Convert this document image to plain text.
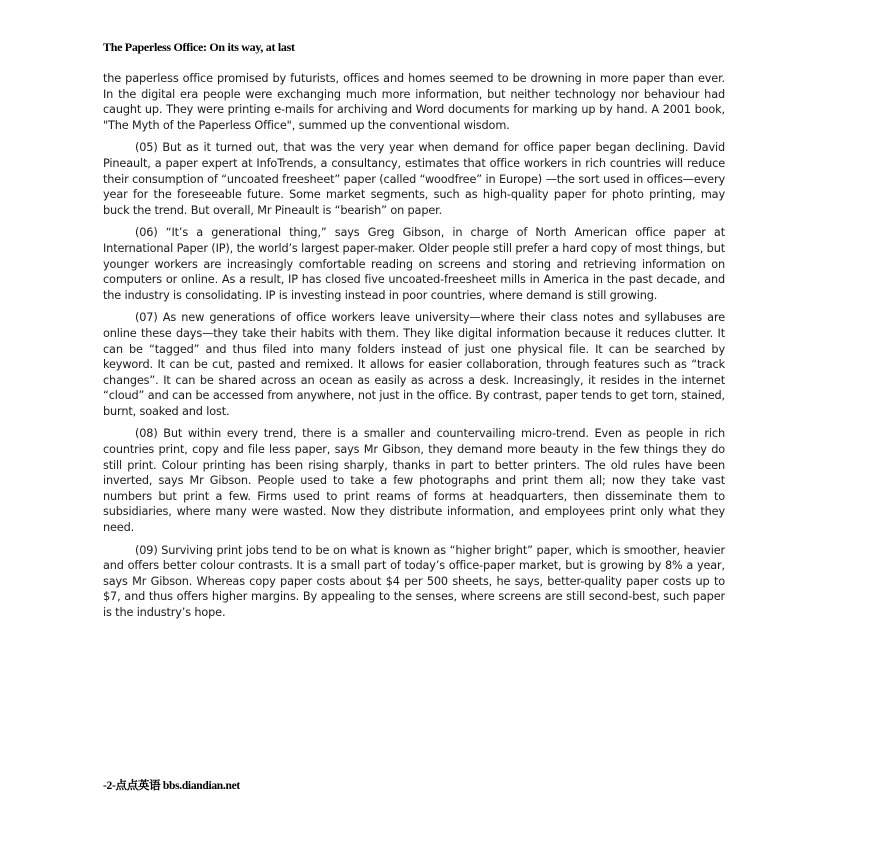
The Paperless Office: On its way, at last

the paperless office promised by futurists, offices and homes seemed to be drowning in more paper than ever. In the digital era people were exchanging much more information, but neither technology nor behaviour had caught up. They were printing e-mails for archiving and Word documents for marking up by hand. A 2001 book, "The Myth of the Paperless Office", summed up the conventional wisdom.

(05) But as it turned out, that was the very year when demand for office paper began declining. David Pineault, a paper expert at InfoTrends, a consultancy, estimates that office workers in rich countries will reduce their consumption of “uncoated freesheet” paper (called “woodfree” in Europe) —the sort used in offices—every year for the foreseeable future. Some market segments, such as high-quality paper for photo printing, may buck the trend. But overall, Mr Pineault is “bearish” on paper.

(06) “It’s a generational thing,” says Greg Gibson, in charge of North American office paper at International Paper (IP), the world’s largest paper-maker. Older people still prefer a hard copy of most things, but younger workers are increasingly comfortable reading on screens and storing and retrieving information on computers or online. As a result, IP has closed five uncoated-freesheet mills in America in the past decade, and the industry is consolidating. IP is investing instead in poor countries, where demand is still growing.

(07) As new generations of office workers leave university—where their class notes and syllabuses are online these days—they take their habits with them. They like digital information because it reduces clutter. It can be “tagged” and thus filed into many folders instead of just one physical file. It can be searched by keyword. It can be cut, pasted and remixed. It allows for easier collaboration, through features such as “track changes”. It can be shared across an ocean as easily as across a desk. Increasingly, it resides in the internet “cloud” and can be accessed from anywhere, not just in the office. By contrast, paper tends to get torn, stained, burnt, soaked and lost.

(08) But within every trend, there is a smaller and countervailing micro-trend. Even as people in rich countries print, copy and file less paper, says Mr Gibson, they demand more beauty in the few things they do still print. Colour printing has been rising sharply, thanks in part to better printers. The old rules have been inverted, says Mr Gibson. People used to take a few photographs and print them all; now they take vast numbers but print a few. Firms used to print reams of forms at headquarters, then disseminate them to subsidiaries, where many were wasted. Now they distribute information, and employees print only what they need.

(09) Surviving print jobs tend to be on what is known as “higher bright” paper, which is smoother, heavier and offers better colour contrasts. It is a small part of today’s office-paper market, but is growing by 8% a year, says Mr Gibson. Whereas copy paper costs about $4 per 500 sheets, he says, better-quality paper costs up to $7, and thus offers higher margins. By appealing to the senses, where screens are still second-best, such paper is the industry’s hope.

-2-点点英语 bbs.diandian.net
